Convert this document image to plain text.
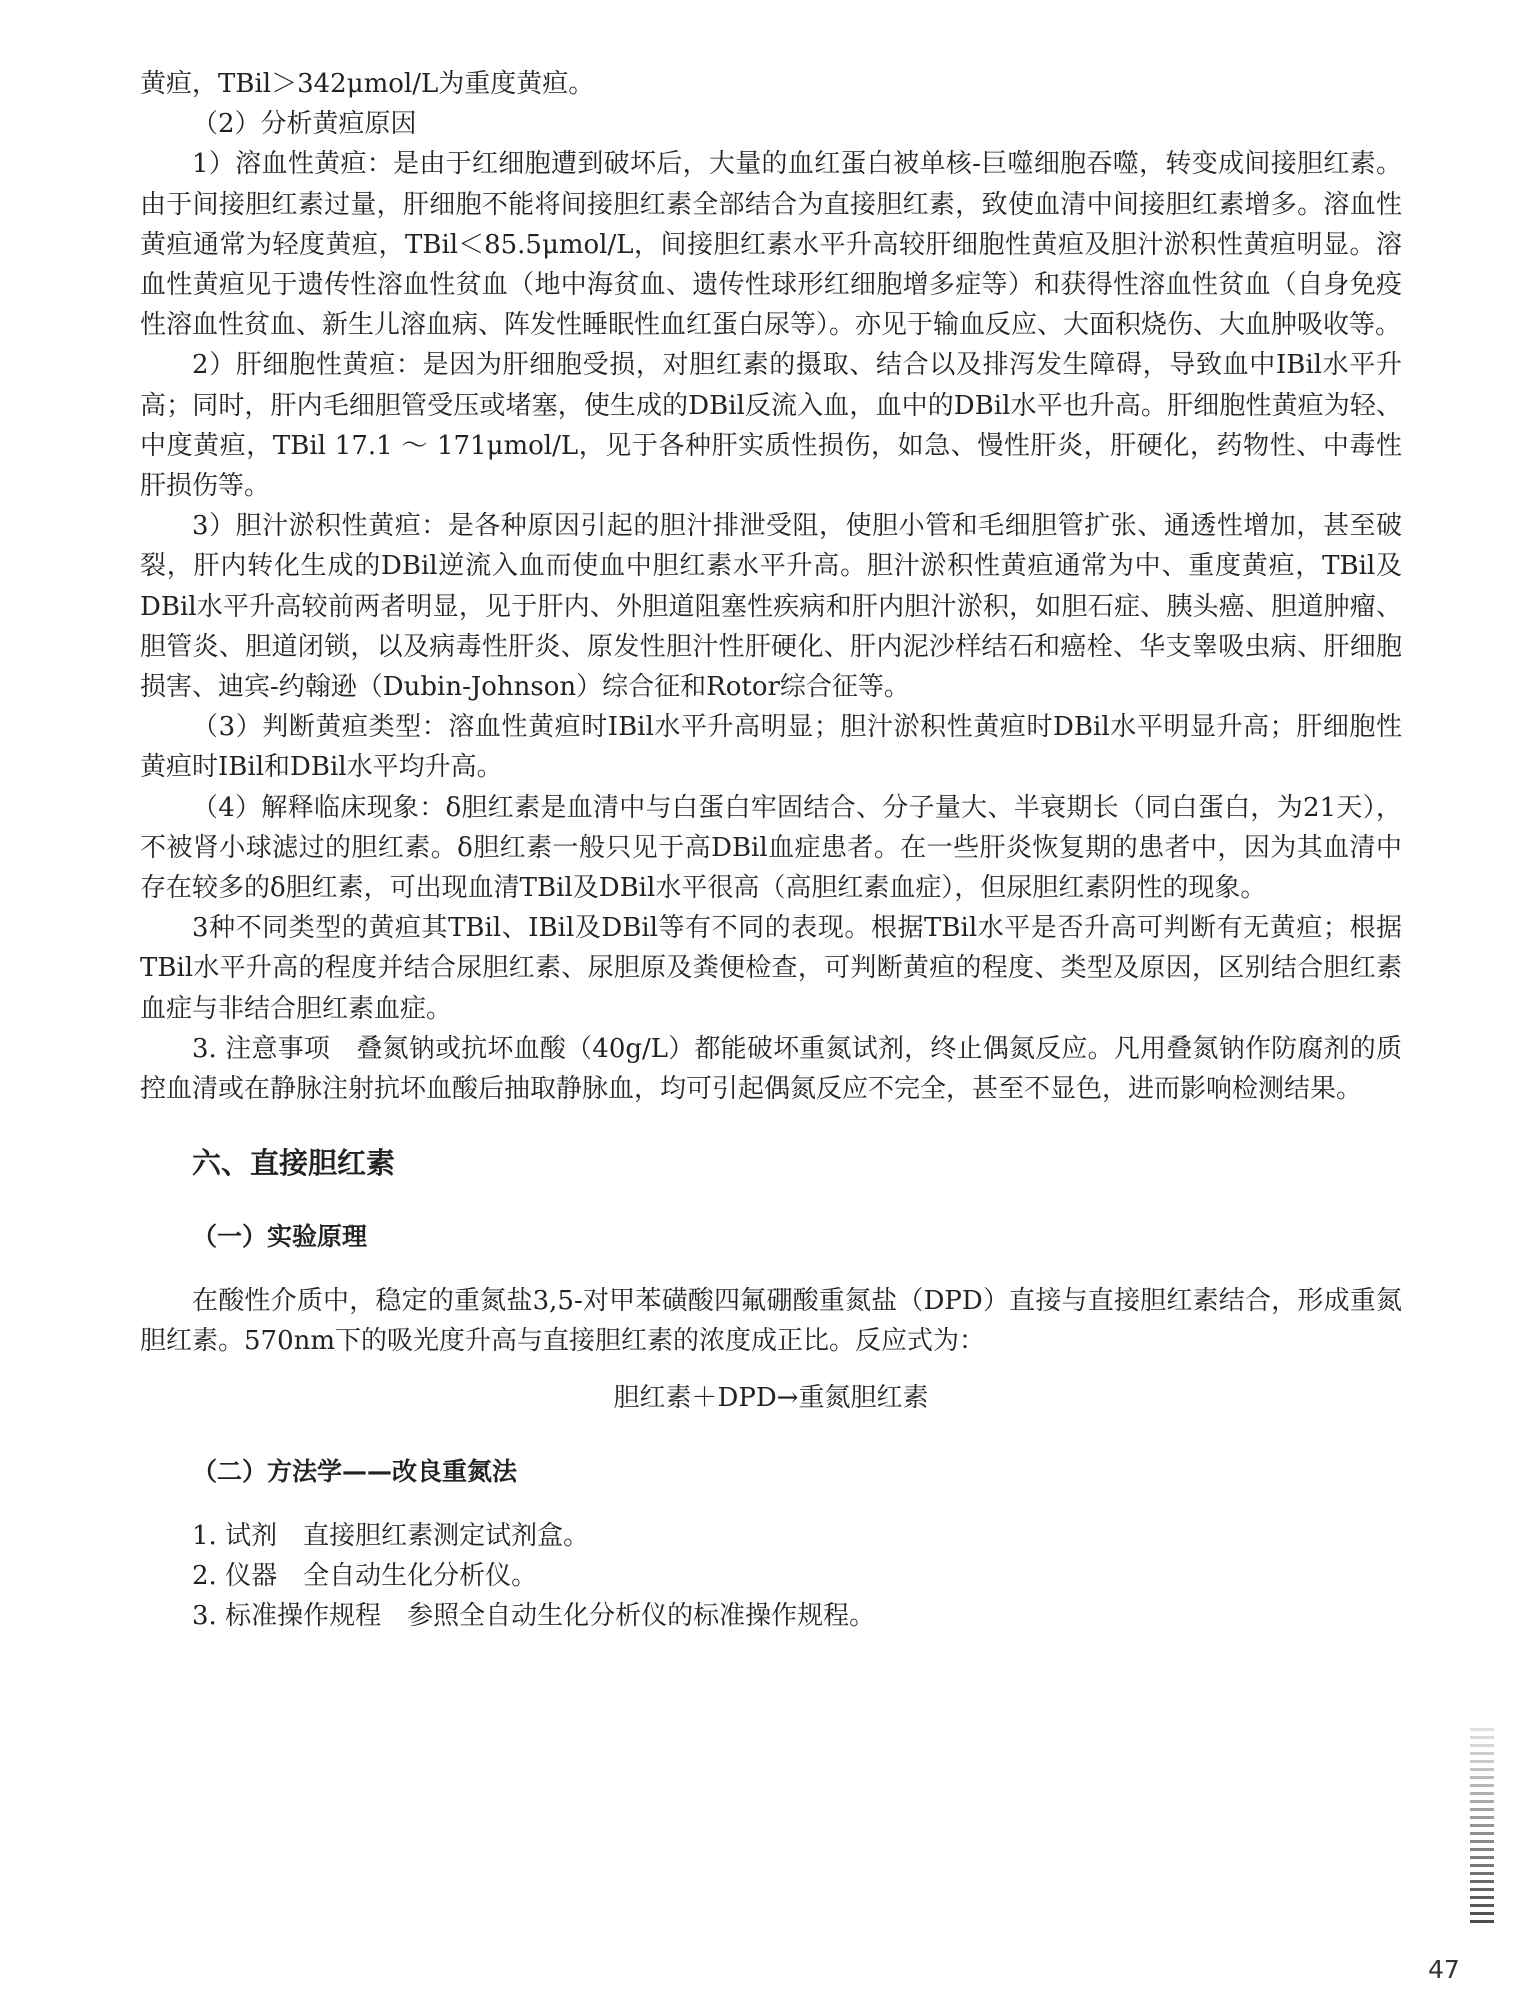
黄疸，TBil＞342μmol/L为重度黄疸。

（2）分析黄疸原因

1）溶血性黄疸：是由于红细胞遭到破坏后，大量的血红蛋白被单核-巨噬细胞吞噬，转变成间接胆红素。由于间接胆红素过量，肝细胞不能将间接胆红素全部结合为直接胆红素，致使血清中间接胆红素增多。溶血性黄疸通常为轻度黄疸，TBil＜85.5μmol/L，间接胆红素水平升高较肝细胞性黄疸及胆汁淤积性黄疸明显。溶血性黄疸见于遗传性溶血性贫血（地中海贫血、遗传性球形红细胞增多症等）和获得性溶血性贫血（自身免疫性溶血性贫血、新生儿溶血病、阵发性睡眠性血红蛋白尿等）。亦见于输血反应、大面积烧伤、大血肿吸收等。

2）肝细胞性黄疸：是因为肝细胞受损，对胆红素的摄取、结合以及排泻发生障碍，导致血中IBil水平升高；同时，肝内毛细胆管受压或堵塞，使生成的DBil反流入血，血中的DBil水平也升高。肝细胞性黄疸为轻、中度黄疸，TBil 17.1 ～ 171μmol/L，见于各种肝实质性损伤，如急、慢性肝炎，肝硬化，药物性、中毒性肝损伤等。

3）胆汁淤积性黄疸：是各种原因引起的胆汁排泄受阻，使胆小管和毛细胆管扩张、通透性增加，甚至破裂，肝内转化生成的DBil逆流入血而使血中胆红素水平升高。胆汁淤积性黄疸通常为中、重度黄疸，TBil及DBil水平升高较前两者明显，见于肝内、外胆道阻塞性疾病和肝内胆汁淤积，如胆石症、胰头癌、胆道肿瘤、胆管炎、胆道闭锁，以及病毒性肝炎、原发性胆汁性肝硬化、肝内泥沙样结石和癌栓、华支睾吸虫病、肝细胞损害、迪宾-约翰逊（Dubin-Johnson）综合征和Rotor综合征等。

（3）判断黄疸类型：溶血性黄疸时IBil水平升高明显；胆汁淤积性黄疸时DBil水平明显升高；肝细胞性黄疸时IBil和DBil水平均升高。

（4）解释临床现象：δ胆红素是血清中与白蛋白牢固结合、分子量大、半衰期长（同白蛋白，为21天），不被肾小球滤过的胆红素。δ胆红素一般只见于高DBil血症患者。在一些肝炎恢复期的患者中，因为其血清中存在较多的δ胆红素，可出现血清TBil及DBil水平很高（高胆红素血症），但尿胆红素阴性的现象。

3种不同类型的黄疸其TBil、IBil及DBil等有不同的表现。根据TBil水平是否升高可判断有无黄疸；根据TBil水平升高的程度并结合尿胆红素、尿胆原及粪便检查，可判断黄疸的程度、类型及原因，区别结合胆红素血症与非结合胆红素血症。

3. 注意事项　叠氮钠或抗坏血酸（40g/L）都能破坏重氮试剂，终止偶氮反应。凡用叠氮钠作防腐剂的质控血清或在静脉注射抗坏血酸后抽取静脉血，均可引起偶氮反应不完全，甚至不显色，进而影响检测结果。

六、直接胆红素

（一）实验原理

在酸性介质中，稳定的重氮盐3,5-对甲苯磺酸四氟硼酸重氮盐（DPD）直接与直接胆红素结合，形成重氮胆红素。570nm下的吸光度升高与直接胆红素的浓度成正比。反应式为：

胆红素＋DPD→重氮胆红素

（二）方法学——改良重氮法

1. 试剂　直接胆红素测定试剂盒。

2. 仪器　全自动生化分析仪。

3. 标准操作规程　参照全自动生化分析仪的标准操作规程。

47
